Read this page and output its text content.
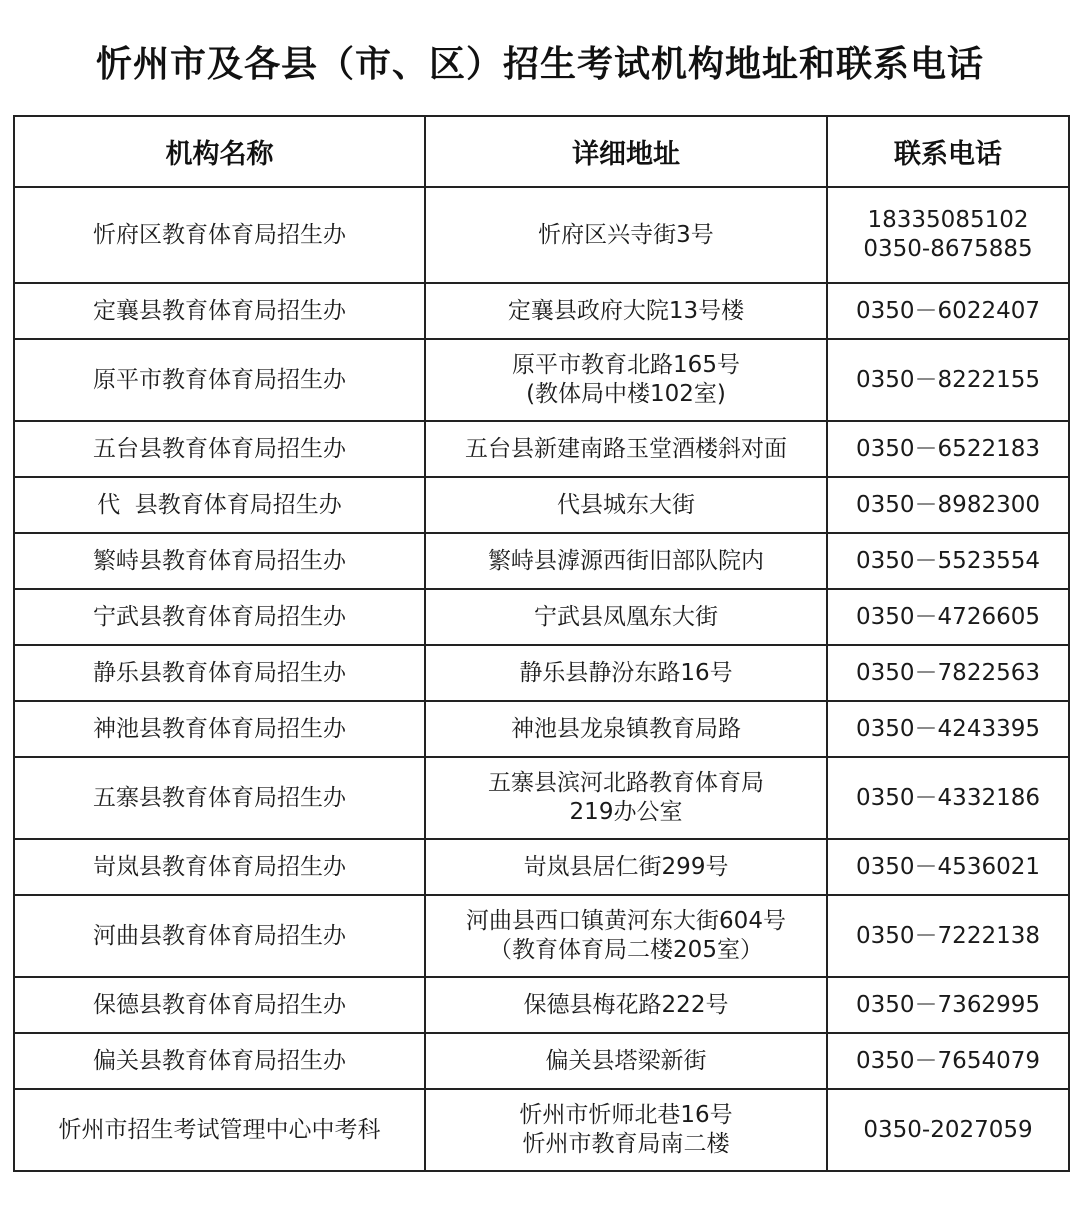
忻州市及各县（市、区）招生考试机构地址和联系电话
机构名称	详细地址	联系电话
忻府区教育体育局招生办	忻府区兴寺街3号	18335085102
0350-8675885

定襄县教育体育局招生办	定襄县政府大院13号楼	0350－6022407

原平市教育体育局招生办	原平市教育北路165号
(教体局中楼102室)	0350－8222155

五台县教育体育局招生办	五台县新建南路玉堂酒楼斜对面	0350－6522183

代  县教育体育局招生办	代县城东大街	0350－8982300

繁峙县教育体育局招生办	繁峙县滹源西街旧部队院内	0350－5523554

宁武县教育体育局招生办	宁武县凤凰东大街	0350－4726605

静乐县教育体育局招生办	静乐县静汾东路16号	0350－7822563

神池县教育体育局招生办	神池县龙泉镇教育局路	0350－4243395

五寨县教育体育局招生办	五寨县滨河北路教育体育局
219办公室	0350－4332186

岢岚县教育体育局招生办	岢岚县居仁街299号	0350－4536021

河曲县教育体育局招生办	河曲县西口镇黄河东大街604号
（教育体育局二楼205室）	0350－7222138

保德县教育体育局招生办	保德县梅花路222号	0350－7362995

偏关县教育体育局招生办	偏关县塔梁新街	0350－7654079

忻州市招生考试管理中心中考科	忻州市忻师北巷16号
忻州市教育局南二楼	0350-2027059
